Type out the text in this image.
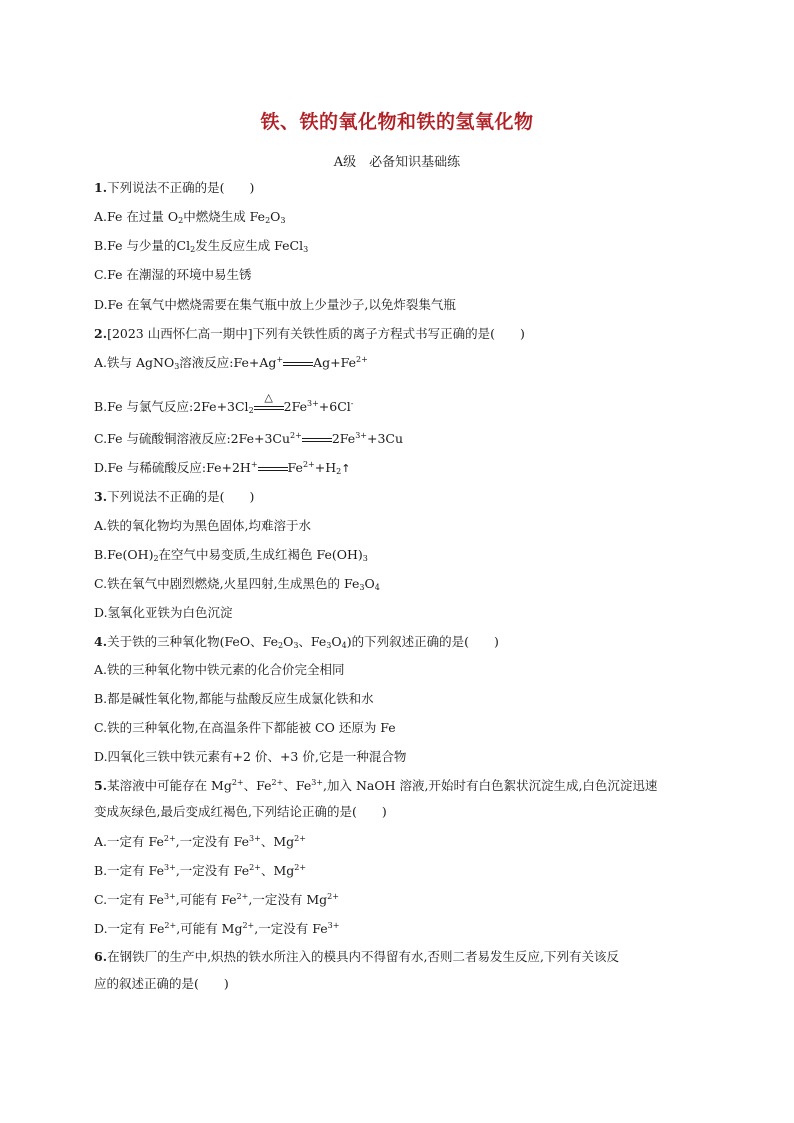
铁、铁的氧化物和铁的氢氧化物
A级　必备知识基础练
1.下列说法不正确的是(　　)
A.Fe 在过量 $O_2$中燃烧生成 $Fe_2O_3$
B.Fe 与少量的$Cl_2$发生反应生成 FeCl$_3$
C.Fe 在潮湿的环境中易生锈
D.Fe 在氧气中燃烧需要在集气瓶中放上少量沙子,以免炸裂集气瓶
2.[2023 山西怀仁高一期中]下列有关铁性质的离子方程式书写正确的是(　　)
A.铁与 AgNO$_3$溶液反应:Fe+Ag+ $Ag+Fe^{2+}$
B.Fe 与氯气反应$:2Fe+3Cl_2$
△
$2Fe^{3+}+6Cl^-$
C.Fe 与硫酸铜溶液反应$:2Fe+3Cu^{2+}$ $2Fe^{3+}+3Cu$
D.Fe 与稀硫酸反应:Fe+2H+ $Fe^{2+}+H_2↑$
3.下列说法不正确的是(　　)
A.铁的氧化物均为黑色固体,均难溶于水
$B.Fe(OH)_2$在空气中易变质,生成红褐色 $Fe(OH)_3$
C.铁在氧气中剧烈燃烧,火星四射,生成黑色的 $Fe_3O_4$
D.氢氧化亚铁为白色沉淀
4.关于铁的三种氧化物(FeO、$Fe_2O_3$、$Fe_3O_4$)的下列叙述正确的是(　　)
A.铁的三种氧化物中铁元素的化合价完全相同
B.都是碱性氧化物,都能与盐酸反应生成氯化铁和水
C.铁的三种氧化物,在高温条件下都能被 CO 还原为 Fe
D.四氧化三铁中铁元素有+2 价、+3 价,它是一种混合物
5.某溶液中可能存在 $Mg^{2+}$、$Fe^{2+}$、$Fe^{3+}$,加入 NaOH 溶液,开始时有白色絮状沉淀生成,白色沉淀迅速
变成灰绿色,最后变成红褐色,下列结论正确的是(　　)
A.一定有 $Fe^{2+}$,一定没有 $Fe^{3+}$、$Mg^{2+}$
B.一定有 $Fe^{3+}$,一定没有 $Fe^{2+}$、$Mg^{2+}$
C.一定有 $Fe^{3+}$,可能有 $Fe^{2+}$,一定没有 $Mg^{2+}$
D.一定有 $Fe^{2+}$,可能有 $Mg^{2+}$,一定没有 $Fe^{3+}$
6.在钢铁厂的生产中,炽热的铁水所注入的模具内不得留有水,否则二者易发生反应,下列有关该反
应的叙述正确的是(　　)
